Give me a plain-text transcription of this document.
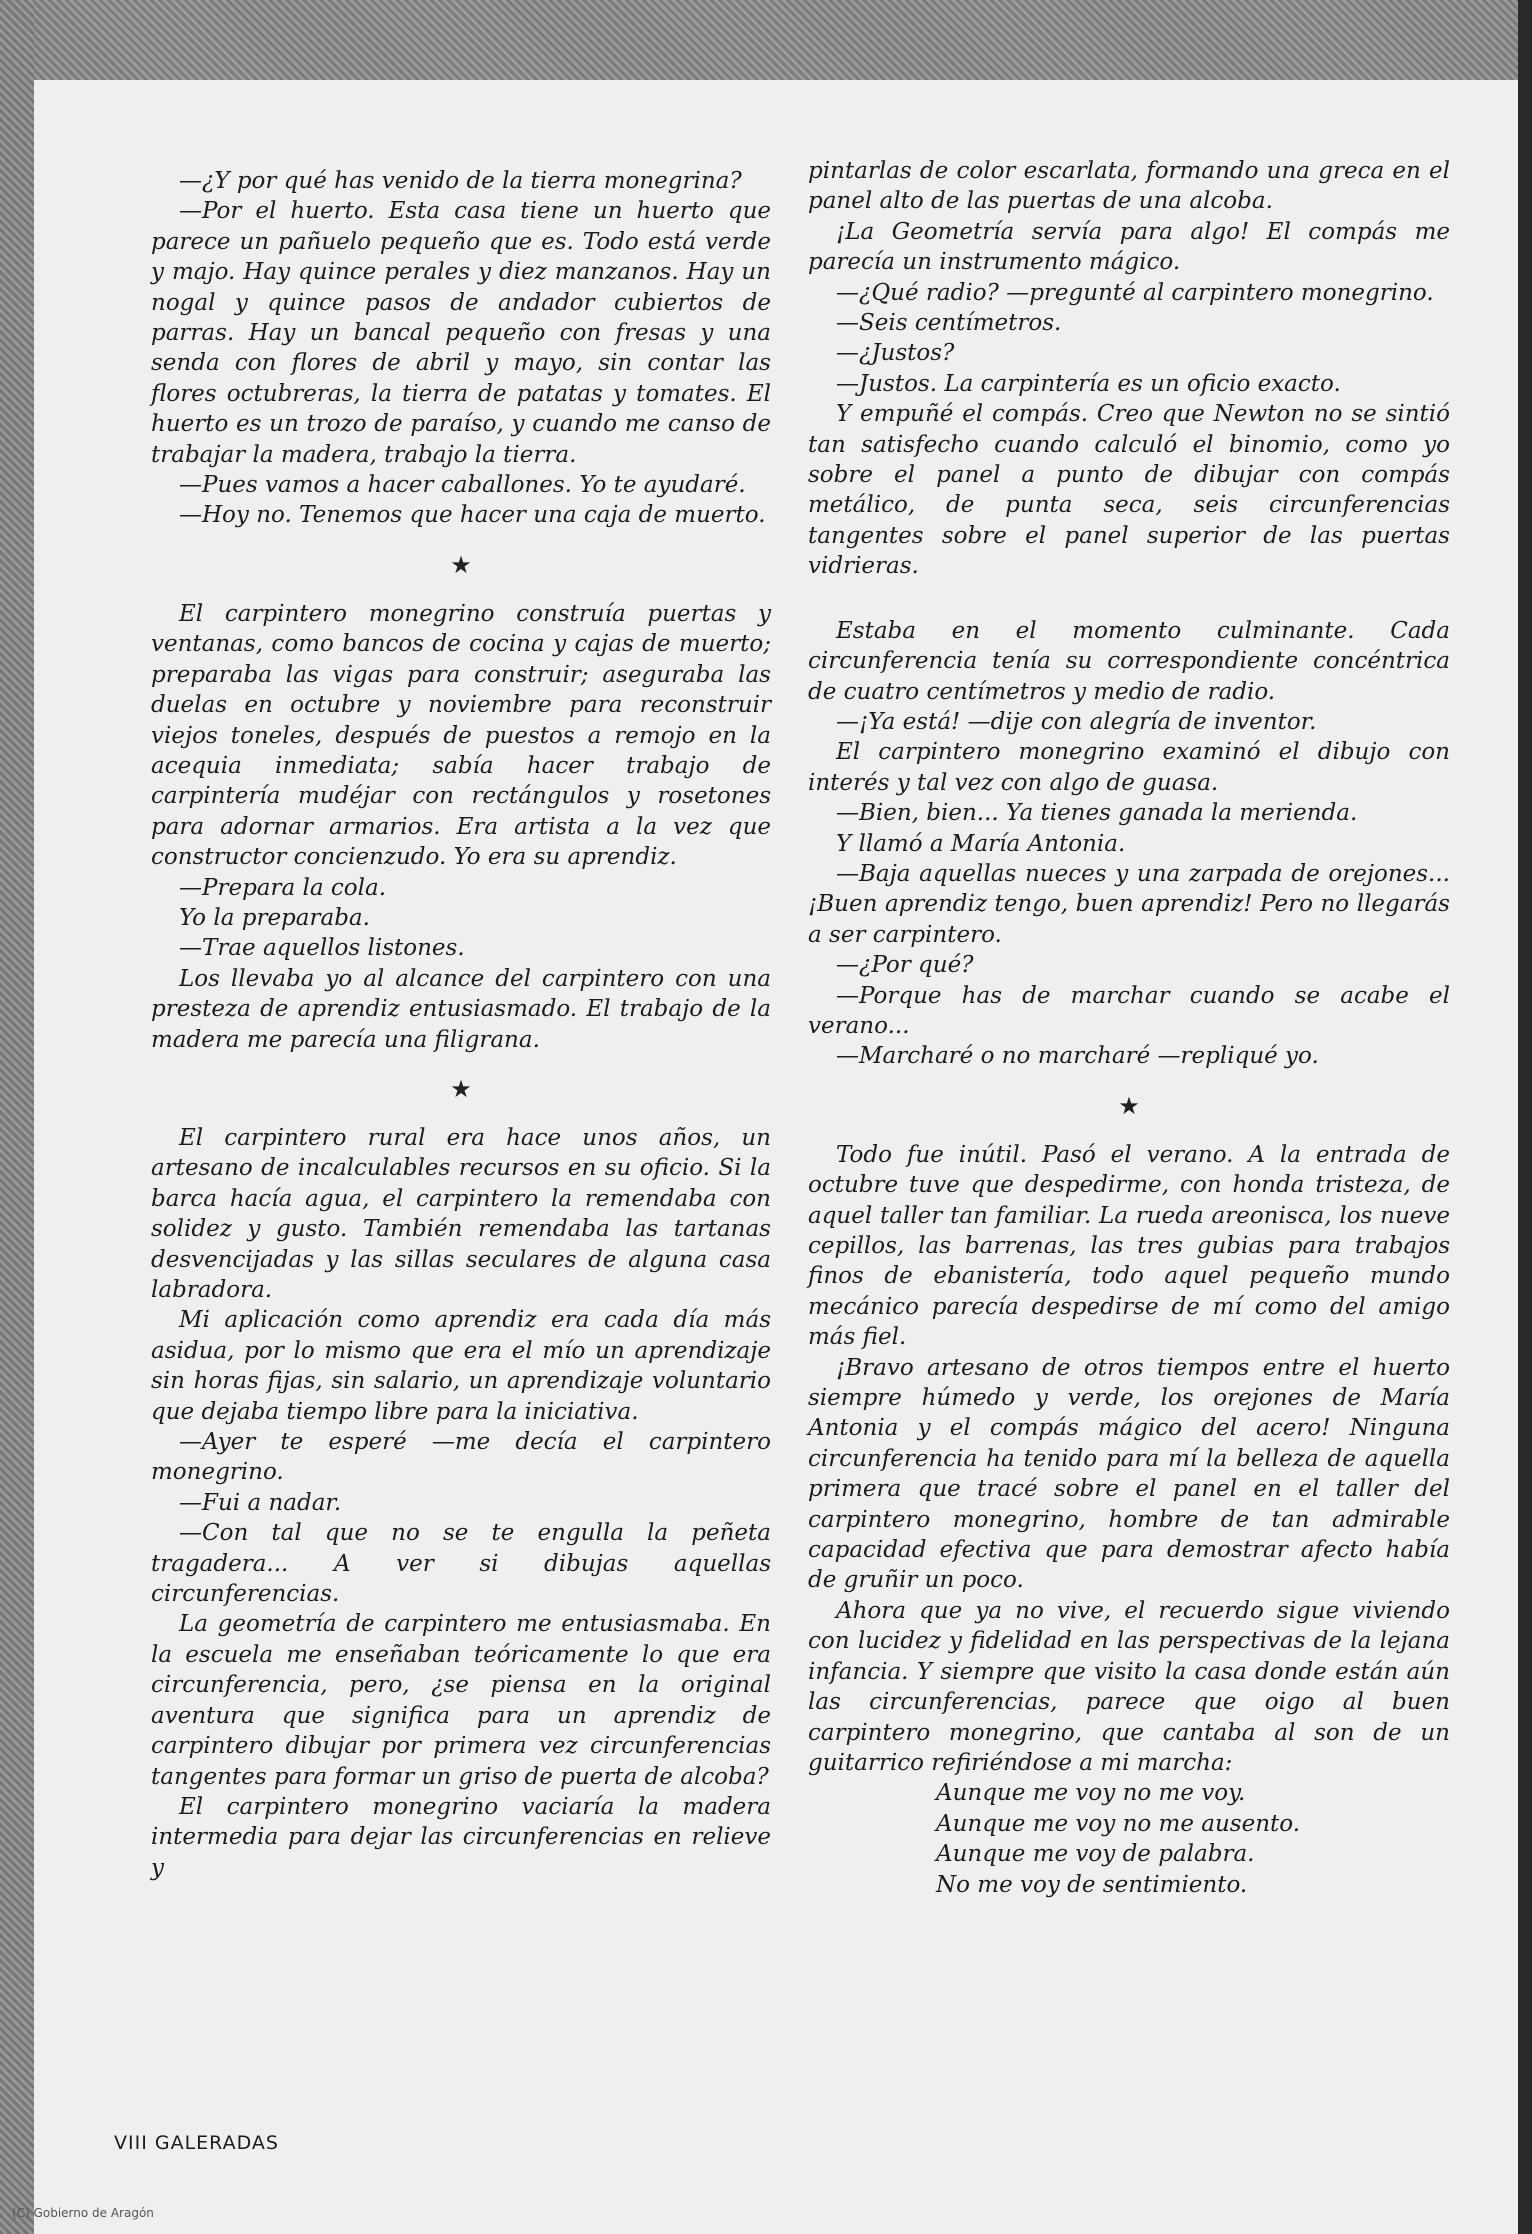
—¿Y por qué has venido de la tierra monegrina?

—Por el huerto. Esta casa tiene un huerto que parece un pañuelo pequeño que es. Todo está verde y majo. Hay quince perales y diez manzanos. Hay un nogal y quince pasos de andador cubiertos de parras. Hay un bancal pequeño con fresas y una senda con flores de abril y mayo, sin contar las flores octubreras, la tierra de patatas y tomates. El huerto es un trozo de paraíso, y cuando me canso de trabajar la madera, trabajo la tierra.

—Pues vamos a hacer caballones. Yo te ayudaré.

—Hoy no. Tenemos que hacer una caja de muerto.

★

El carpintero monegrino construía puertas y ventanas, como bancos de cocina y cajas de muerto; preparaba las vigas para construir; aseguraba las duelas en octubre y noviembre para reconstruir viejos toneles, después de puestos a remojo en la acequia inmediata; sabía hacer trabajo de carpintería mudéjar con rectángulos y rosetones para adornar armarios. Era artista a la vez que constructor concienzudo. Yo era su aprendiz.

—Prepara la cola.

Yo la preparaba.

—Trae aquellos listones.

Los llevaba yo al alcance del carpintero con una presteza de aprendiz entusiasmado. El trabajo de la madera me parecía una filigrana.

★

El carpintero rural era hace unos años, un artesano de incalculables recursos en su oficio. Si la barca hacía agua, el carpintero la remendaba con solidez y gusto. También remendaba las tartanas desvencijadas y las sillas seculares de alguna casa labradora.

Mi aplicación como aprendiz era cada día más asidua, por lo mismo que era el mío un aprendizaje sin horas fijas, sin salario, un aprendizaje voluntario que dejaba tiempo libre para la iniciativa.

—Ayer te esperé —me decía el carpintero monegrino.

—Fui a nadar.

—Con tal que no se te engulla la peñeta tragadera... A ver si dibujas aquellas circunferencias.

La geometría de carpintero me entusiasmaba. En la escuela me enseñaban teóricamente lo que era circunferencia, pero, ¿se piensa en la original aventura que significa para un aprendiz de carpintero dibujar por primera vez circunferencias tangentes para formar un griso de puerta de alcoba?

El carpintero monegrino vaciaría la madera intermedia para dejar las circunferencias en relieve y

pintarlas de color escarlata, formando una greca en el panel alto de las puertas de una alcoba.

¡La Geometría servía para algo! El compás me parecía un instrumento mágico.

—¿Qué radio? —pregunté al carpintero monegrino.

—Seis centímetros.

—¿Justos?

—Justos. La carpintería es un oficio exacto.

Y empuñé el compás. Creo que Newton no se sintió tan satisfecho cuando calculó el binomio, como yo sobre el panel a punto de dibujar con compás metálico, de punta seca, seis circunferencias tangentes sobre el panel superior de las puertas vidrieras.

Estaba en el momento culminante. Cada circunferencia tenía su correspondiente concéntrica de cuatro centímetros y medio de radio.

—¡Ya está! —dije con alegría de inventor.

El carpintero monegrino examinó el dibujo con interés y tal vez con algo de guasa.

—Bien, bien... Ya tienes ganada la merienda.

Y llamó a María Antonia.

—Baja aquellas nueces y una zarpada de orejones... ¡Buen aprendiz tengo, buen aprendiz! Pero no llegarás a ser carpintero.

—¿Por qué?

—Porque has de marchar cuando se acabe el verano...

—Marcharé o no marcharé —repliqué yo.

★

Todo fue inútil. Pasó el verano. A la entrada de octubre tuve que despedirme, con honda tristeza, de aquel taller tan familiar. La rueda areonisca, los nueve cepillos, las barrenas, las tres gubias para trabajos finos de ebanistería, todo aquel pequeño mundo mecánico parecía despedirse de mí como del amigo más fiel.

¡Bravo artesano de otros tiempos entre el huerto siempre húmedo y verde, los orejones de María Antonia y el compás mágico del acero! Ninguna circunferencia ha tenido para mí la belleza de aquella primera que tracé sobre el panel en el taller del carpintero monegrino, hombre de tan admirable capacidad efectiva que para demostrar afecto había de gruñir un poco.

Ahora que ya no vive, el recuerdo sigue viviendo con lucidez y fidelidad en las perspectivas de la lejana infancia. Y siempre que visito la casa donde están aún las circunferencias, parece que oigo al buen carpintero monegrino, que cantaba al son de un guitarrico refiriéndose a mi marcha:

Aunque me voy no me voy.
Aunque me voy no me ausento.
Aunque me voy de palabra.
No me voy de sentimiento.
VIII GALERADAS
(C) Gobierno de Aragón
